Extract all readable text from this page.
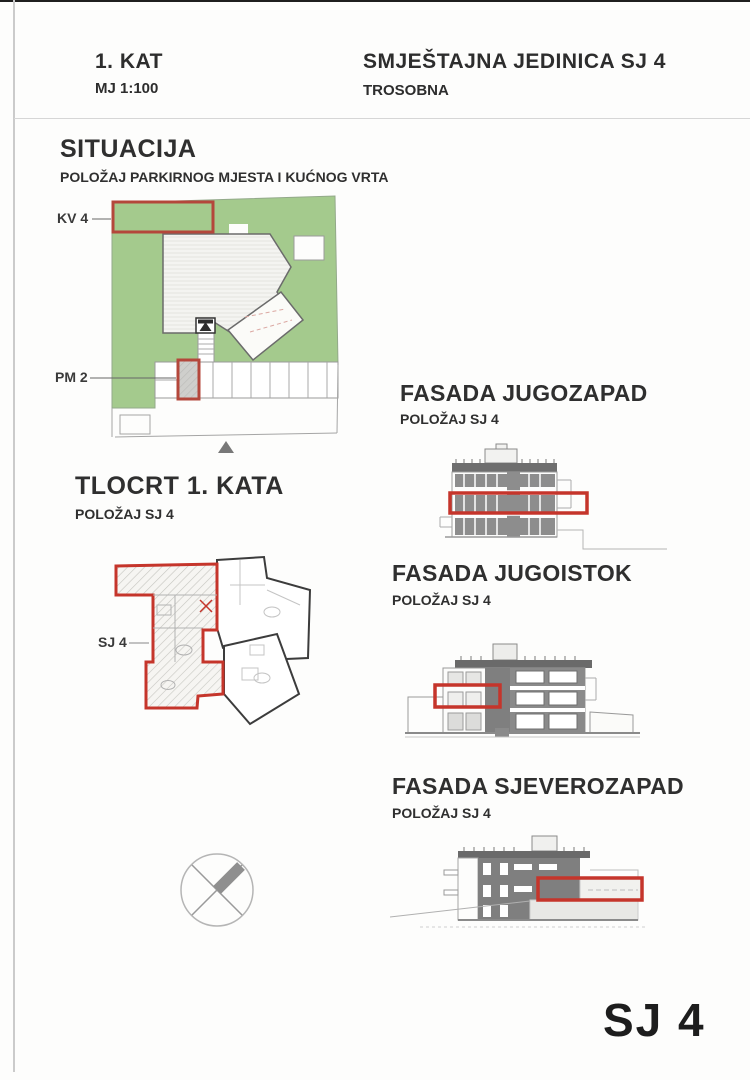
1. KAT
MJ 1:100
SMJEŠTAJNA JEDINICA SJ 4
TROSOBNA
SITUACIJA
POLOŽAJ PARKIRNOG MJESTA I KUĆNOG VRTA
KV 4
PM 2
TLOCRT 1. KATA
POLOŽAJ SJ 4
SJ 4
FASADA JUGOZAPAD
POLOŽAJ SJ 4
FASADA JUGOISTOK
POLOŽAJ SJ 4
FASADA SJEVEROZAPAD
POLOŽAJ SJ 4
SJ 4
